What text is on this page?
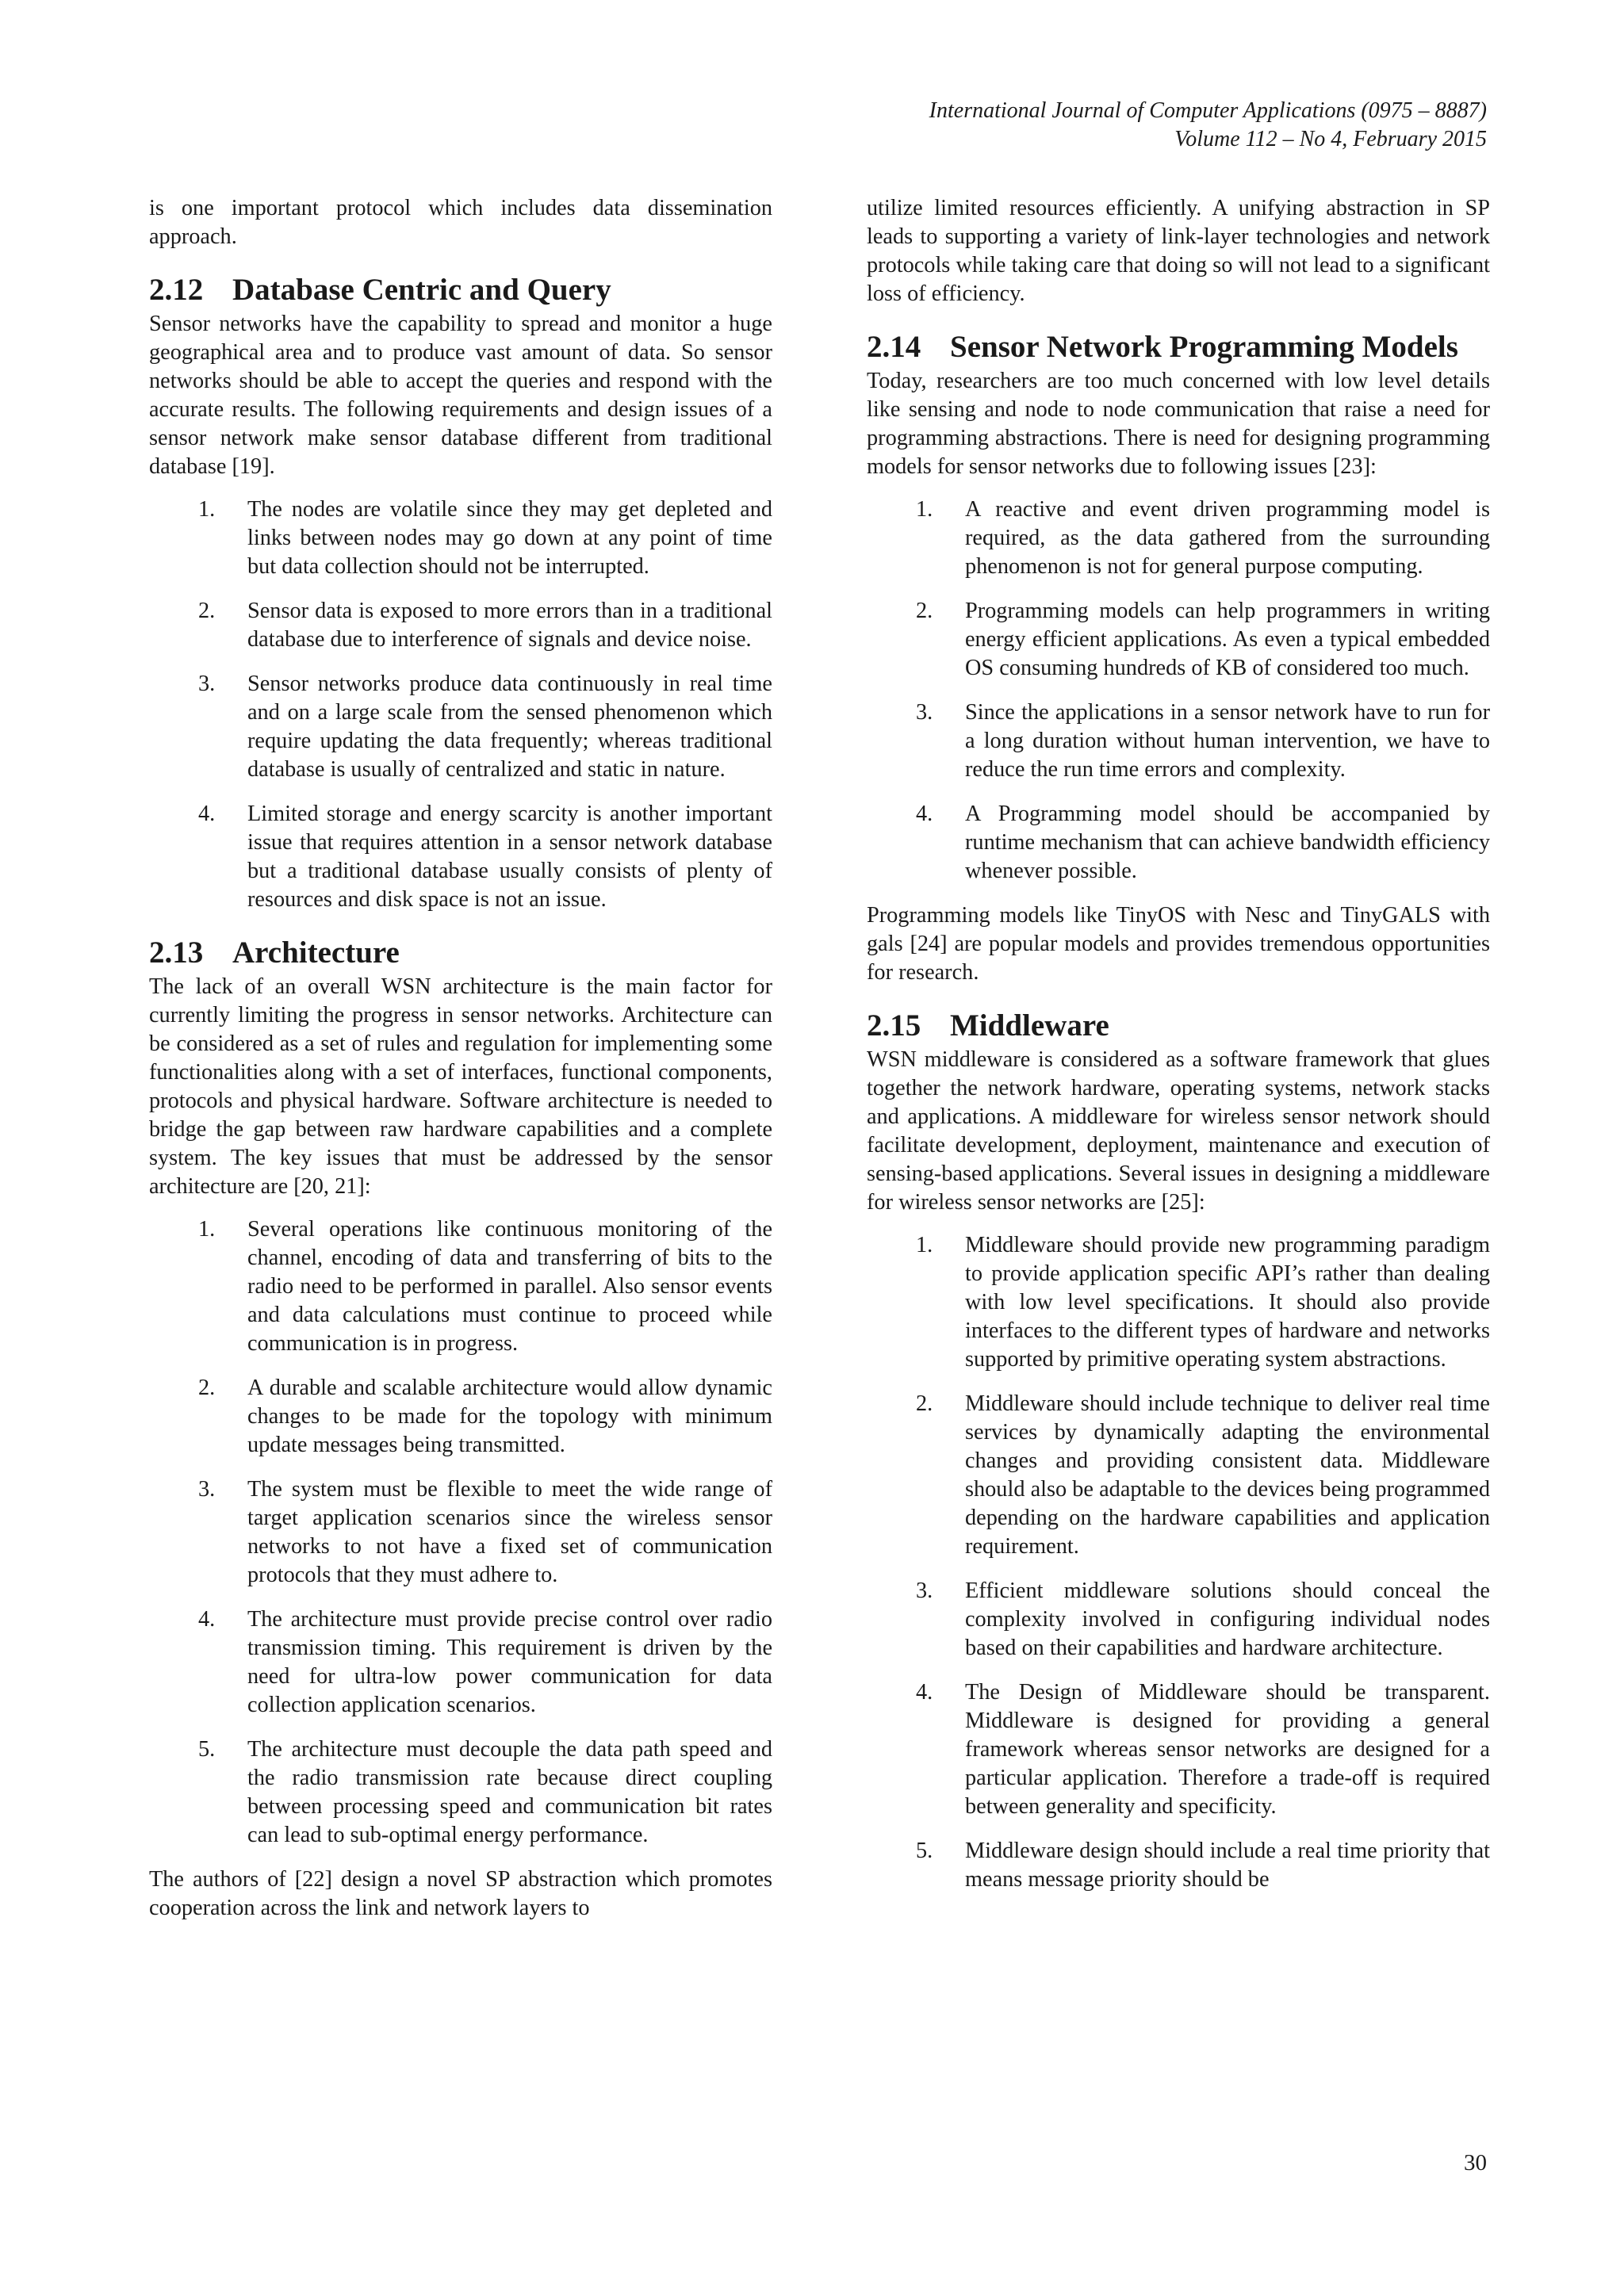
International Journal of Computer Applications (0975 – 8887)
Volume 112 – No 4, February 2015

is one important protocol which includes data dissemination approach.

2.12 Database Centric and Query

Sensor networks have the capability to spread and monitor a huge geographical area and to produce vast amount of data. So sensor networks should be able to accept the queries and respond with the accurate results. The following requirements and design issues of a sensor network make sensor database different from traditional database [19].

1. The nodes are volatile since they may get depleted and links between nodes may go down at any point of time but data collection should not be interrupted.
2. Sensor data is exposed to more errors than in a traditional database due to interference of signals and device noise.
3. Sensor networks produce data continuously in real time and on a large scale from the sensed phenomenon which require updating the data frequently; whereas traditional database is usually of centralized and static in nature.
4. Limited storage and energy scarcity is another important issue that requires attention in a sensor network database but a traditional database usually consists of plenty of resources and disk space is not an issue.
2.13 Architecture

The lack of an overall WSN architecture is the main factor for currently limiting the progress in sensor networks. Architecture can be considered as a set of rules and regulation for implementing some functionalities along with a set of interfaces, functional components, protocols and physical hardware. Software architecture is needed to bridge the gap between raw hardware capabilities and a complete system. The key issues that must be addressed by the sensor architecture are [20, 21]:

1. Several operations like continuous monitoring of the channel, encoding of data and transferring of bits to the radio need to be performed in parallel. Also sensor events and data calculations must continue to proceed while communication is in progress.
2. A durable and scalable architecture would allow dynamic changes to be made for the topology with minimum update messages being transmitted.
3. The system must be flexible to meet the wide range of target application scenarios since the wireless sensor networks to not have a fixed set of communication protocols that they must adhere to.
4. The architecture must provide precise control over radio transmission timing. This requirement is driven by the need for ultra-low power communication for data collection application scenarios.
5. The architecture must decouple the data path speed and the radio transmission rate because direct coupling between processing speed and communication bit rates can lead to sub-optimal energy performance.

The authors of [22] design a novel SP abstraction which promotes cooperation across the link and network layers to

utilize limited resources efficiently. A unifying abstraction in SP leads to supporting a variety of link-layer technologies and network protocols while taking care that doing so will not lead to a significant loss of efficiency.

2.14 Sensor Network Programming Models

Today, researchers are too much concerned with low level details like sensing and node to node communication that raise a need for programming abstractions. There is need for designing programming models for sensor networks due to following issues [23]:

1. A reactive and event driven programming model is required, as the data gathered from the surrounding phenomenon is not for general purpose computing.
2. Programming models can help programmers in writing energy efficient applications. As even a typical embedded OS consuming hundreds of KB of considered too much.
3. Since the applications in a sensor network have to run for a long duration without human intervention, we have to reduce the run time errors and complexity.
4. A Programming model should be accompanied by runtime mechanism that can achieve bandwidth efficiency whenever possible.

Programming models like TinyOS with Nesc and TinyGALS with gals [24] are popular models and provides tremendous opportunities for research.

2.15 Middleware

WSN middleware is considered as a software framework that glues together the network hardware, operating systems, network stacks and applications. A middleware for wireless sensor network should facilitate development, deployment, maintenance and execution of sensing-based applications. Several issues in designing a middleware for wireless sensor networks are [25]:

1. Middleware should provide new programming paradigm to provide application specific API’s rather than dealing with low level specifications. It should also provide interfaces to the different types of hardware and networks supported by primitive operating system abstractions.
2. Middleware should include technique to deliver real time services by dynamically adapting the environmental changes and providing consistent data. Middleware should also be adaptable to the devices being programmed depending on the hardware capabilities and application requirement.
3. Efficient middleware solutions should conceal the complexity involved in configuring individual nodes based on their capabilities and hardware architecture.
4. The Design of Middleware should be transparent. Middleware is designed for providing a general framework whereas sensor networks are designed for a particular application. Therefore a trade-off is required between generality and specificity.
5. Middleware design should include a real time priority that means message priority should be
30
